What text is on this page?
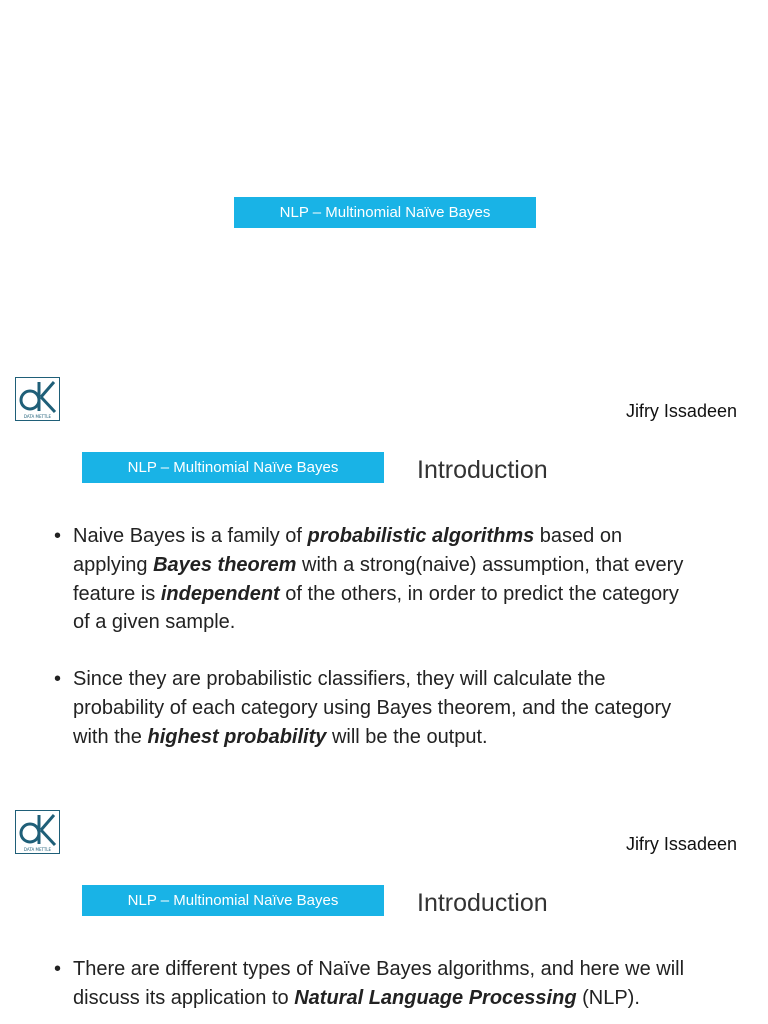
NLP – Multinomial Naïve Bayes
DATA METTLE	Jifry Issadeen
NLP – Multinomial Naïve Bayes	Introduction
• Naive Bayes is a family of probabilistic algorithms based on applying Bayes theorem with a strong(naive) assumption, that every feature is independent of the others, in order to predict the category of a given sample.
• Since they are probabilistic classifiers, they will calculate the probability of each category using Bayes theorem, and the category with the highest probability will be the output.
DATA METTLE	Jifry Issadeen
NLP – Multinomial Naïve Bayes	Introduction
• There are different types of Naïve Bayes algorithms, and here we will discuss its application to Natural Language Processing (NLP).
